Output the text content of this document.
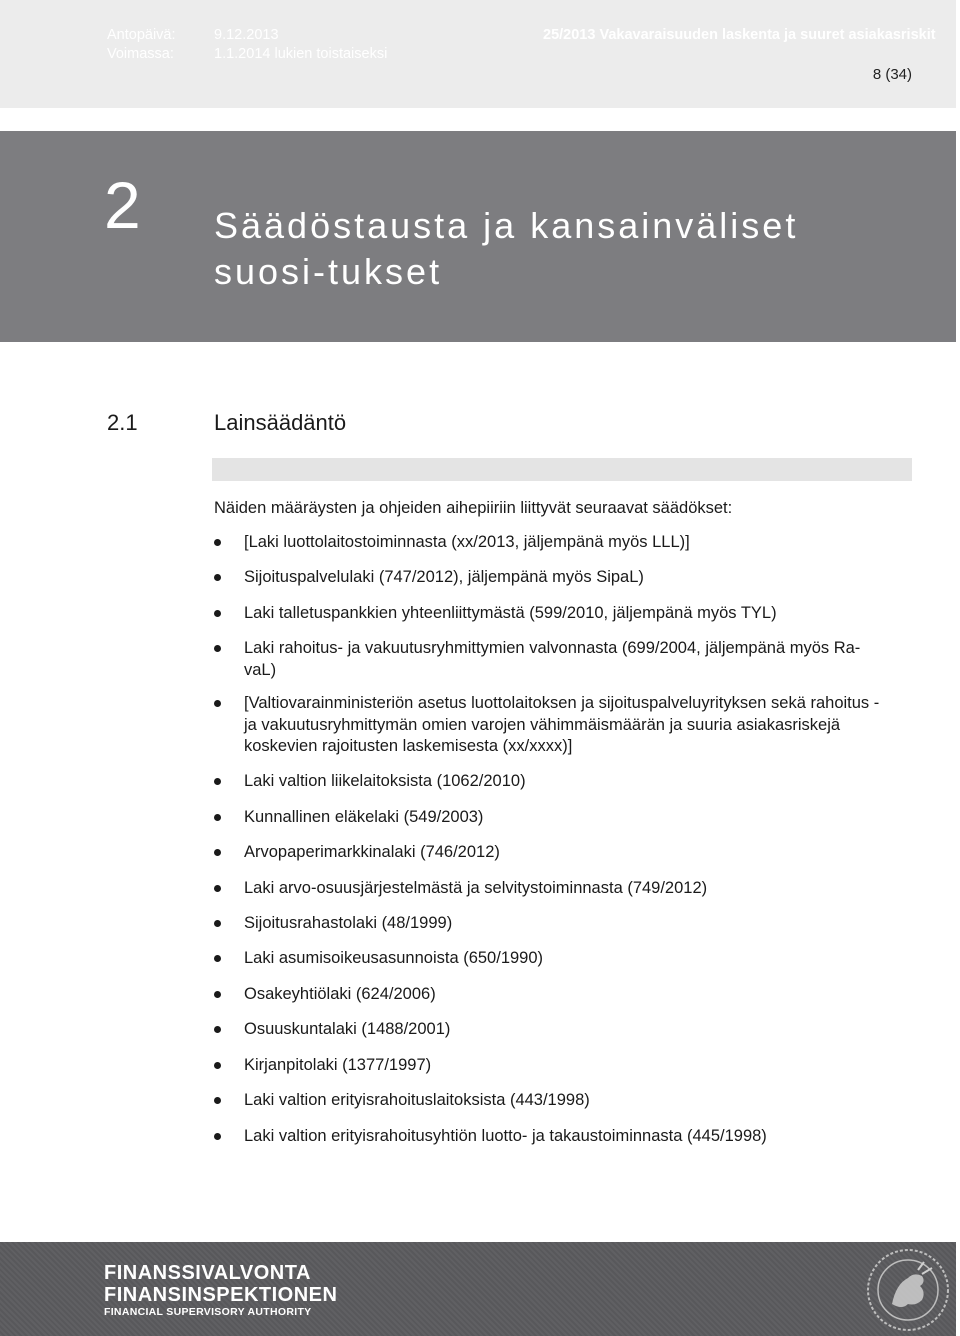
Antopäivä:	9.12.2013
Voimassa:	1.1.2014 lukien toistaiseksi
25/2013 Vakavaraisuuden laskenta ja suuret asiakasriskit
8 (34)
2 Säädöstausta ja kansainväliset suosi-tukset
2.1	Lainsäädäntö

Näiden määräysten ja ohjeiden aihepiiriin liittyvät seuraavat säädökset:

[Laki luottolaitostoiminnasta (xx/2013, jäljempänä myös LLL)]
Sijoituspalvelulaki (747/2012), jäljempänä myös SipaL)
Laki talletuspankkien yhteenliittymästä (599/2010, jäljempänä myös TYL)
Laki rahoitus- ja vakuutusryhmittymien valvonnasta (699/2004, jäljempänä myös Ra-vaL)
[Valtiovarainministeriön asetus luottolaitoksen ja sijoituspalveluyrityksen sekä rahoitus - ja vakuutusryhmittymän omien varojen vähimmäismäärän ja suuria asiakasriskejä koskevien rajoitusten laskemisesta (xx/xxxx)]
Laki valtion liikelaitoksista (1062/2010)
Kunnallinen eläkelaki (549/2003)
Arvopaperimarkkinalaki (746/2012)
Laki arvo-osuusjärjestelmästä ja selvitystoiminnasta (749/2012)
Sijoitusrahastolaki (48/1999)
Laki asumisoikeusasunnoista (650/1990)
Osakeyhtiölaki (624/2006)
Osuuskuntalaki (1488/2001)
Kirjanpitolaki (1377/1997)
Laki valtion erityisrahoituslaitoksista (443/1998)
Laki valtion erityisrahoitusyhtiön luotto- ja takaustoiminnasta (445/1998)
FINANSSIVALVONTA
FINANSINSPEKTIONEN
FINANCIAL SUPERVISORY AUTHORITY
